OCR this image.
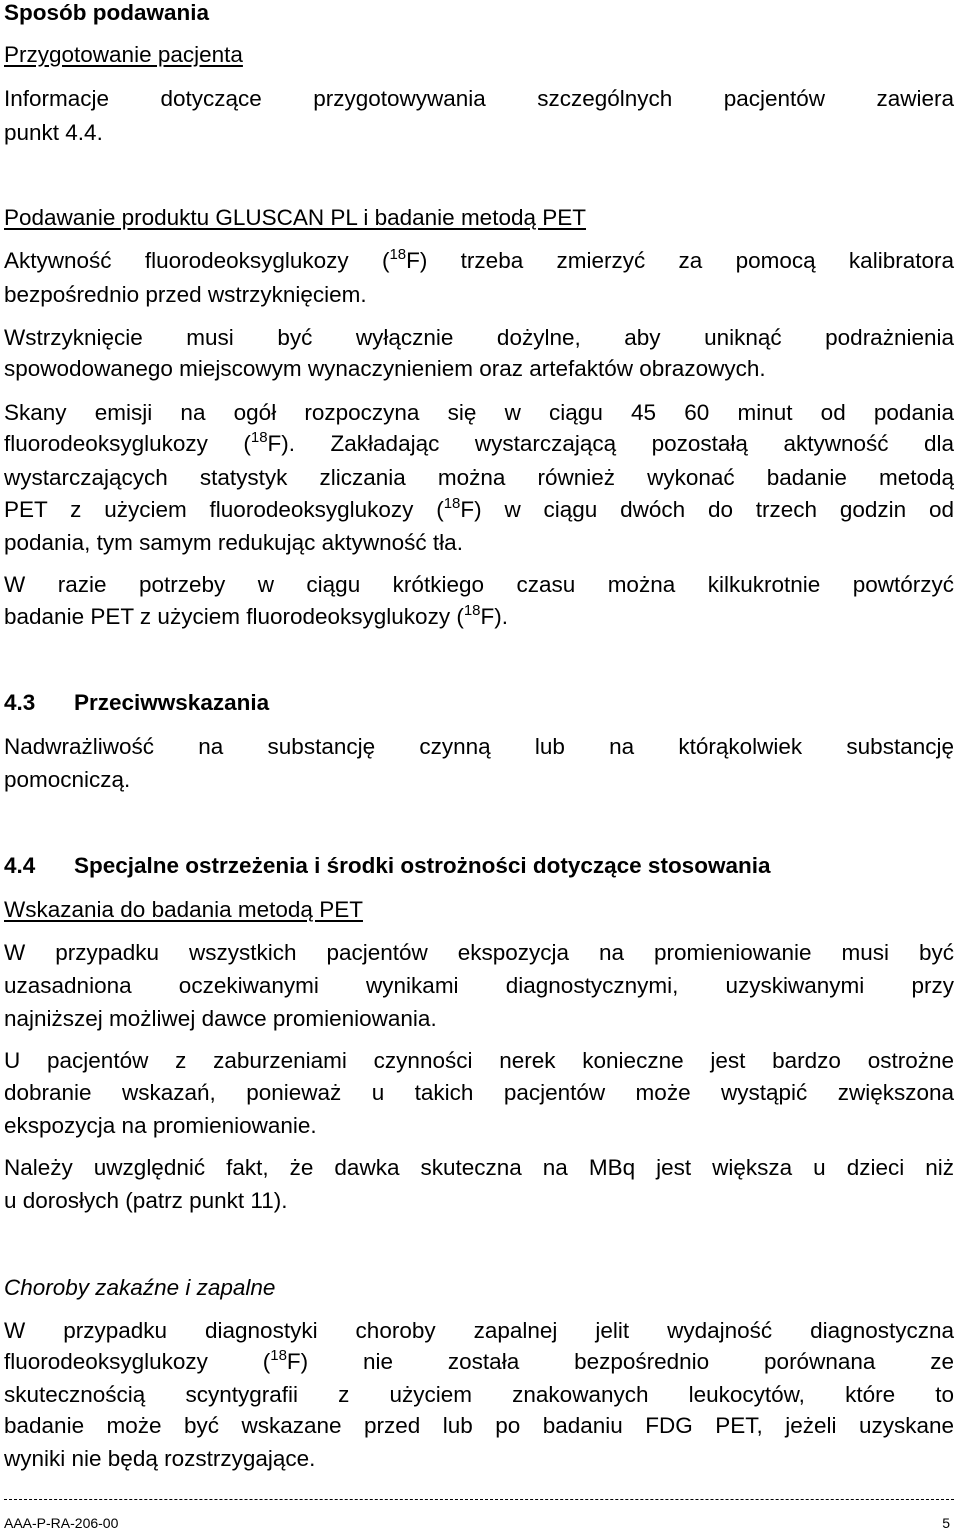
Sposób podawania
Przygotowanie pacjenta
Informacje dotyczące przygotowywania szczególnych pacjentów zawiera
punkt 4.4.
Podawanie produktu GLUSCAN PL i badanie metodą PET
Aktywność fluorodeoksyglukozy ($^{18}$F) trzeba zmierzyć za pomocą kalibratora
bezpośrednio przed wstrzyknięciem.
Wstrzyknięcie musi być wyłącznie dożylne, aby uniknąć podrażnienia
spowodowanego miejscowym wynaczynieniem oraz artefaktów obrazowych.
Skany emisji na ogół rozpoczyna się w ciągu 45 60 minut od podania
fluorodeoksyglukozy ($^{18}$F). Zakładając wystarczającą pozostałą aktywność dla
wystarczających statystyk zliczania można również wykonać badanie metodą
PET z użyciem fluorodeoksyglukozy ($^{18}$F) w ciągu dwóch do trzech godzin od
podania, tym samym redukując aktywność tła.
W razie potrzeby w ciągu krótkiego czasu można kilkukrotnie powtórzyć
badanie PET z użyciem fluorodeoksyglukozy ($^{18}$F).
4.3 Przeciwwskazania
Nadwrażliwość na substancję czynną lub na którąkolwiek substancję
pomocniczą.
4.4 Specjalne ostrzeżenia i środki ostrożności dotyczące stosowania
Wskazania do badania metodą PET
W przypadku wszystkich pacjentów ekspozycja na promieniowanie musi być
uzasadniona oczekiwanymi wynikami diagnostycznymi, uzyskiwanymi przy
najniższej możliwej dawce promieniowania.
U pacjentów z zaburzeniami czynności nerek konieczne jest bardzo ostrożne
dobranie wskazań, ponieważ u takich pacjentów może wystąpić zwiększona
ekspozycja na promieniowanie.
Należy uwzględnić fakt, że dawka skuteczna na MBq jest większa u dzieci niż
u dorosłych (patrz punkt 11).
Choroby zakaźne i zapalne
W przypadku diagnostyki choroby zapalnej jelit wydajność diagnostyczna
fluorodeoksyglukozy ($^{18}$F) nie została bezpośrednio porównana ze
skutecznością scyntygrafii z użyciem znakowanych leukocytów, które to
badanie może być wskazane przed lub po badaniu FDG PET, jeżeli uzyskane
wyniki nie będą rozstrzygające.
AAA-P-RA-206-00	5
